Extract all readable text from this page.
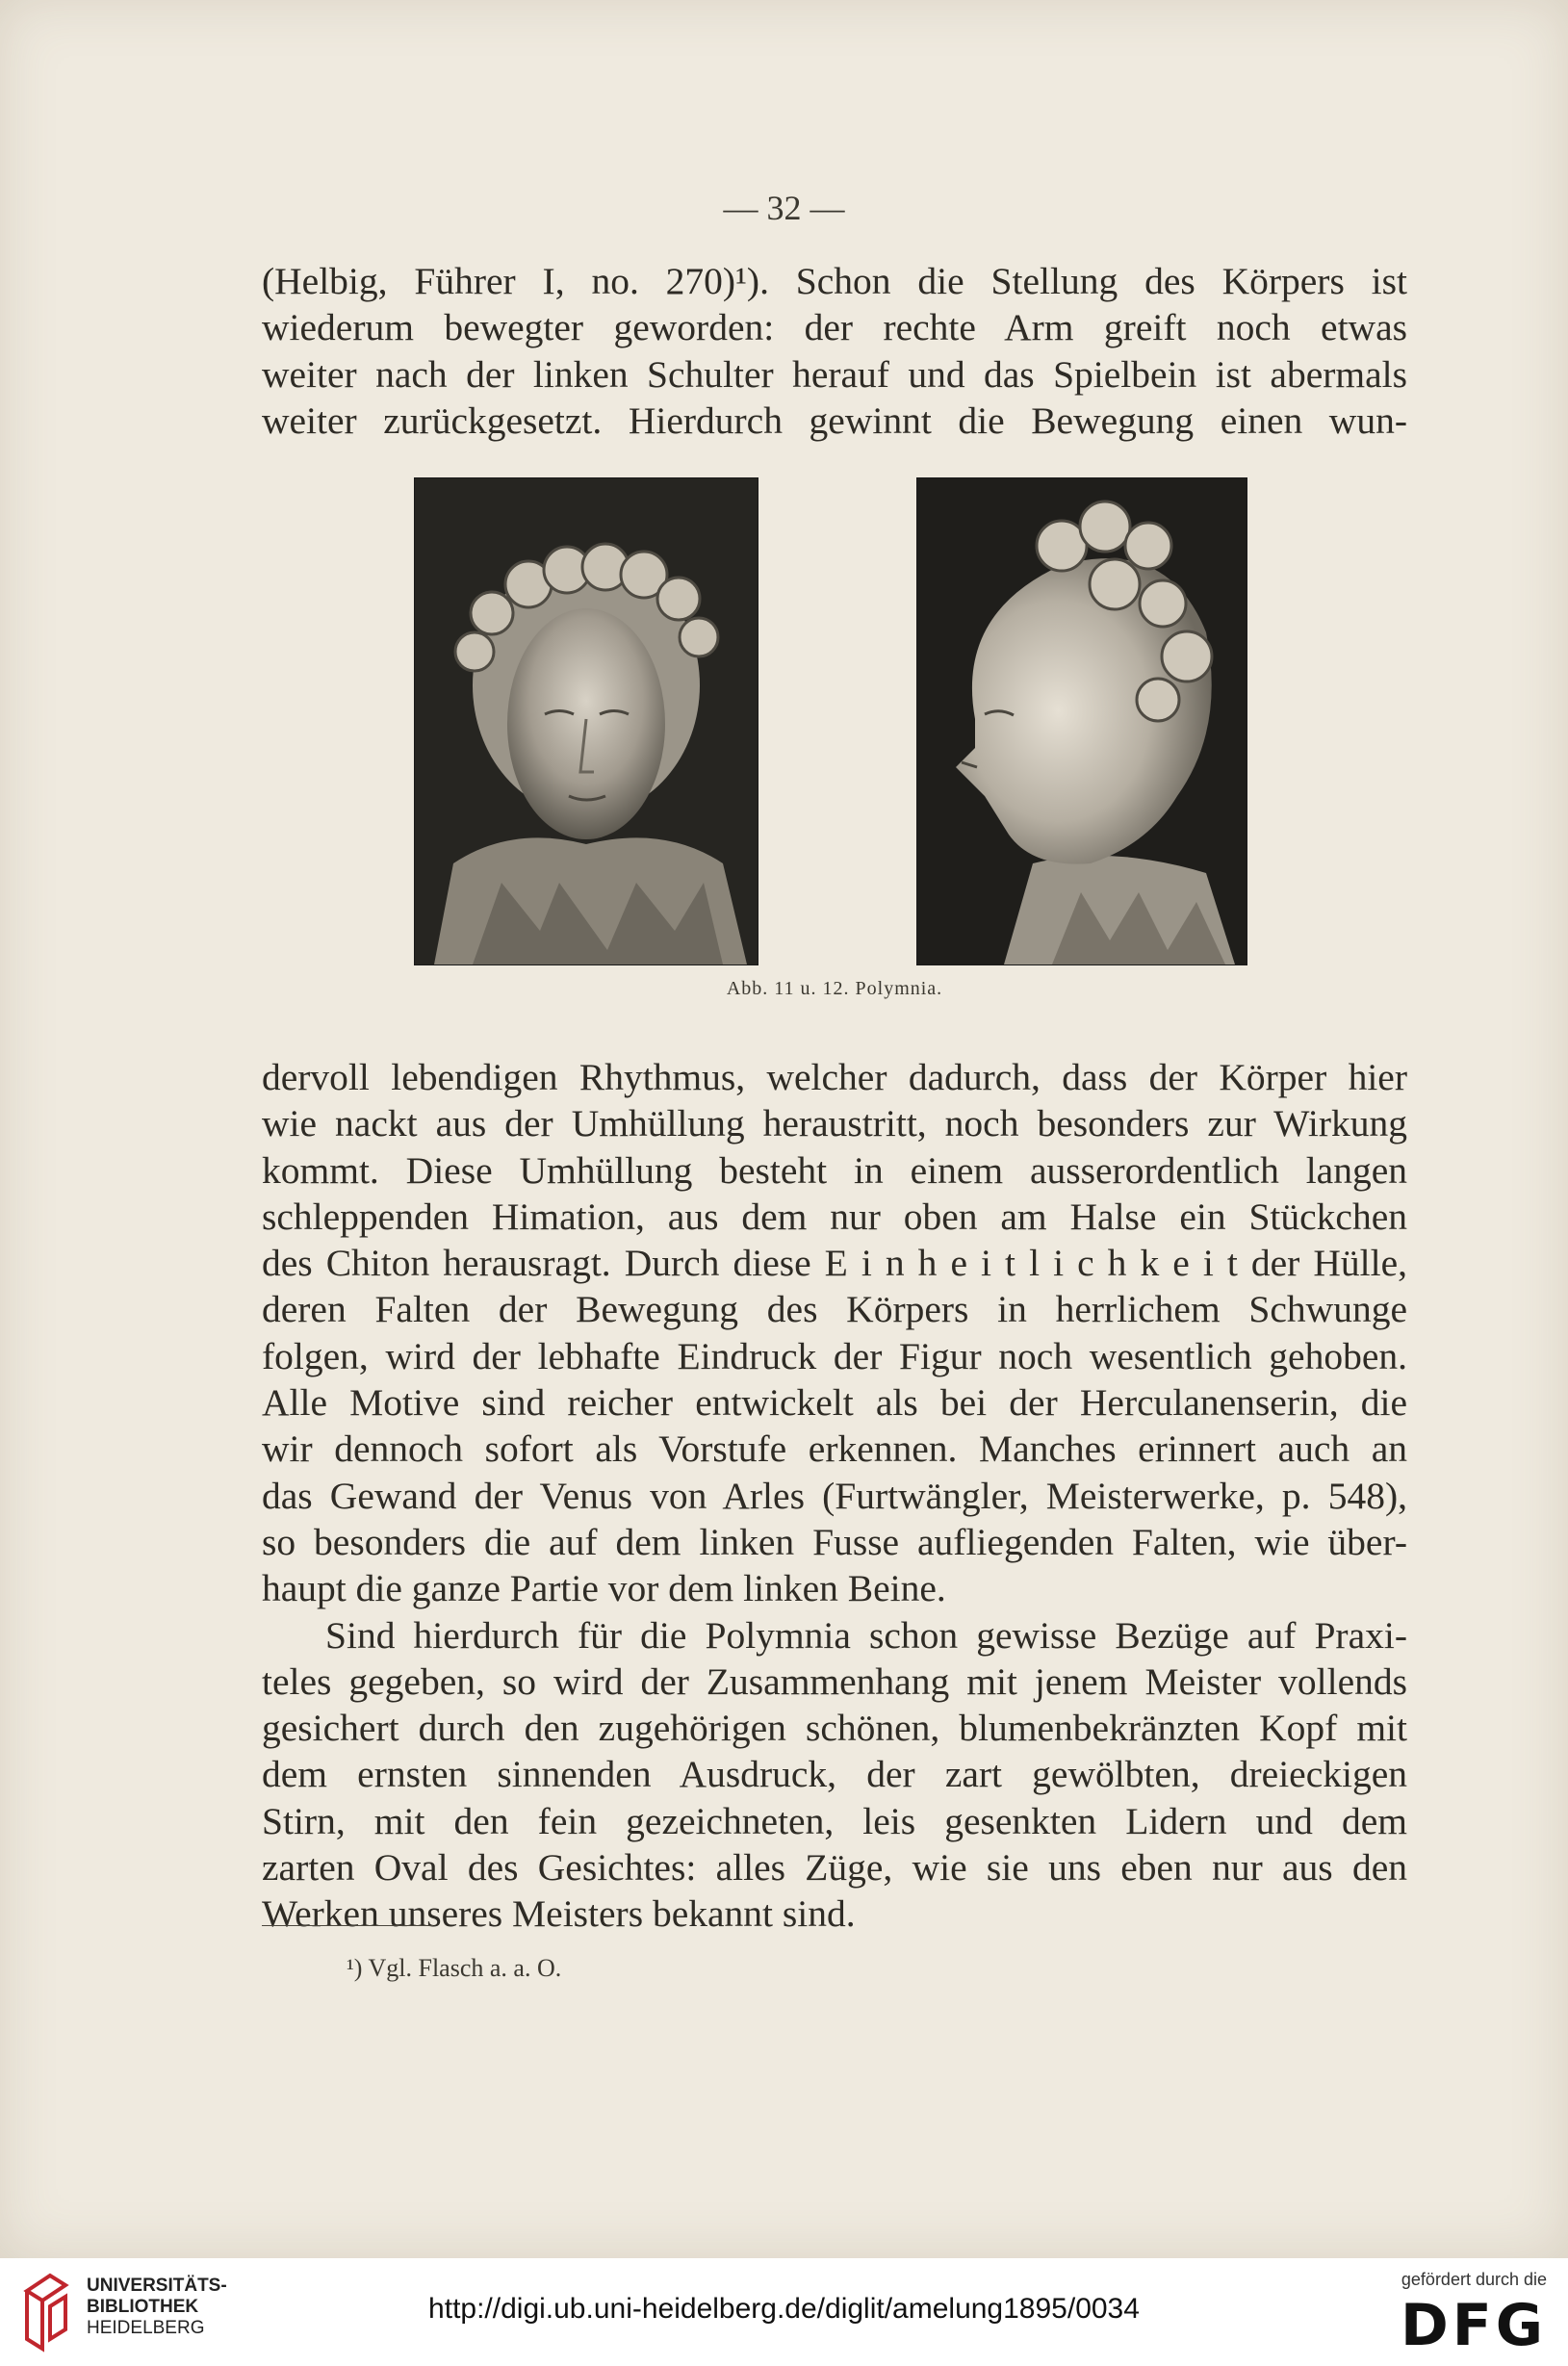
— 32 —
(Helbig, Führer I, no. 270)¹). Schon die Stellung des Körpers ist
wiederum bewegter geworden: der rechte Arm greift noch etwas
weiter nach der linken Schulter herauf und das Spielbein ist abermals
weiter zurückgesetzt. Hierdurch gewinnt die Bewegung einen wun-
Abb. 11 u. 12. Polymnia.
dervoll lebendigen Rhythmus, welcher dadurch, dass der Körper hier
wie nackt aus der Umhüllung heraustritt, noch besonders zur Wirkung
kommt. Diese Umhüllung besteht in einem ausserordentlich langen
schleppenden Himation, aus dem nur oben am Halse ein Stückchen
des Chiton herausragt. Durch diese E i n h e i t l i c h k e i t der Hülle,
deren Falten der Bewegung des Körpers in herrlichem Schwunge
folgen, wird der lebhafte Eindruck der Figur noch wesentlich gehoben.
Alle Motive sind reicher entwickelt als bei der Herculanenserin, die
wir dennoch sofort als Vorstufe erkennen. Manches erinnert auch an
das Gewand der Venus von Arles (Furtwängler, Meisterwerke, p. 548),
so besonders die auf dem linken Fusse aufliegenden Falten, wie über-
haupt die ganze Partie vor dem linken Beine.
Sind hierdurch für die Polymnia schon gewisse Bezüge auf Praxi-
teles gegeben, so wird der Zusammenhang mit jenem Meister vollends
gesichert durch den zugehörigen schönen, blumenbekränzten Kopf mit
dem ernsten sinnenden Ausdruck, der zart gewölbten, dreieckigen
Stirn, mit den fein gezeichneten, leis gesenkten Lidern und dem
zarten Oval des Gesichtes: alles Züge, wie sie uns eben nur aus den
Werken unseres Meisters bekannt sind.
¹) Vgl. Flasch a. a. O.
UNIVERSITÄTS-
BIBLIOTHEK
HEIDELBERG
http://digi.ub.uni-heidelberg.de/diglit/amelung1895/0034
gefördert durch die
DFG
